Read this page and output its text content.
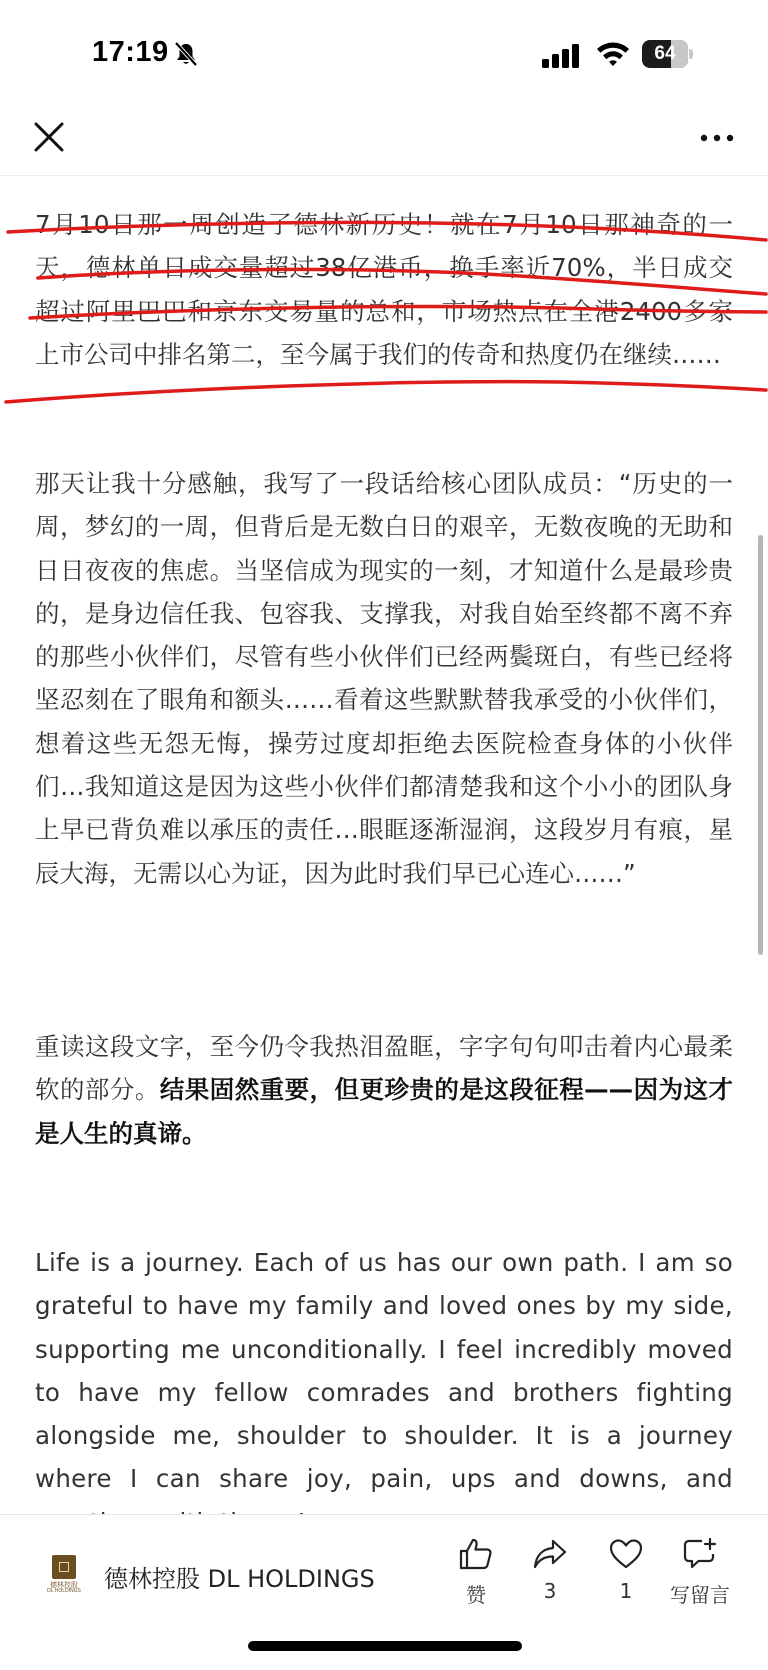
17:19	64

7月10日那一周创造了德林新历史！就在7月10日那神奇的一天，德林单日成交量超过38亿港币，换手率近70%，半日成交超过阿里巴巴和京东交易量的总和，市场热点在全港2400多家上市公司中排名第二，至今属于我们的传奇和热度仍在继续……

那天让我十分感触，我写了一段话给核心团队成员：“历史的一周，梦幻的一周，但背后是无数白日的艰辛，无数夜晚的无助和日日夜夜的焦虑。当坚信成为现实的一刻，才知道什么是最珍贵的，是身边信任我、包容我、支撑我，对我自始至终都不离不弃的那些小伙伴们，尽管有些小伙伴们已经两鬓斑白，有些已经将坚忍刻在了眼角和额头……看着这些默默替我承受的小伙伴们，想着这些无怨无悔，操劳过度却拒绝去医院检查身体的小伙伴们…我知道这是因为这些小伙伴们都清楚我和这个小小的团队身上早已背负难以承压的责任…眼眶逐渐湿润，这段岁月有痕，星辰大海，无需以心为证，因为此时我们早已心连心……”

重读这段文字，至今仍令我热泪盈眶，字字句句叩击着内心最柔软的部分。结果固然重要，但更珍贵的是这段征程——因为这才是人生的真谛。

Life is a journey. Each of us has our own path. I am so grateful to have my family and loved ones by my side, supporting me unconditionally. I feel incredibly moved to have my fellow comrades and brothers fighting alongside me, shoulder to shoulder. It is a journey where I can share joy, pain, ups and downs, and

德林控股
DL HOLDINGS 德林控股 DL HOLDINGS
赞	3	1	写留言
